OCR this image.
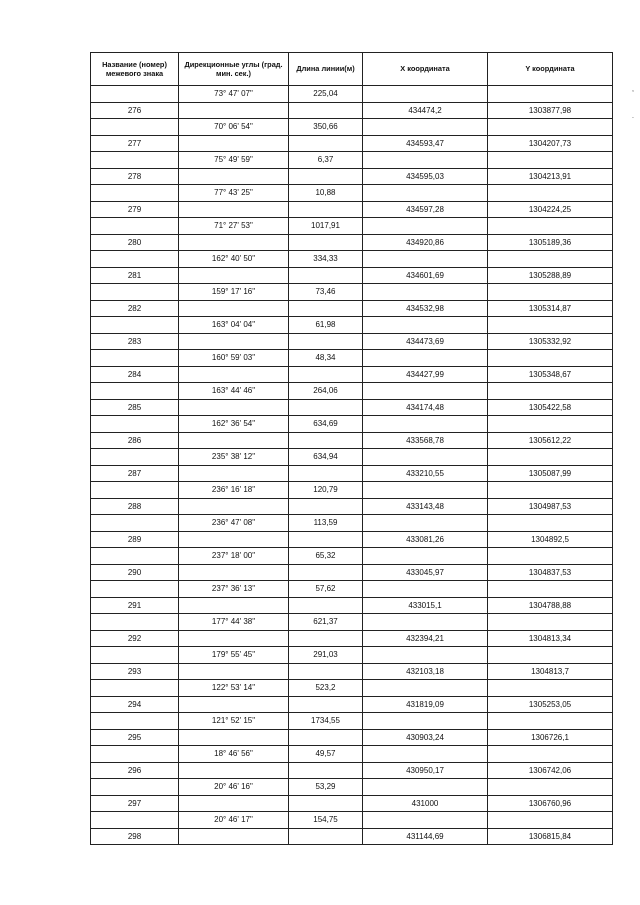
Название (номер) межевого знака	Дирекционные углы (град. мин. сек.)	Длина линии(м)	X координата	Y координата
	73° 47' 07"	225,04		
276			434474,2	1303877,98
	70° 06' 54"	350,66		
277			434593,47	1304207,73
	75° 49' 59"	6,37		
278			434595,03	1304213,91
	77° 43' 25"	10,88		
279			434597,28	1304224,25
	71° 27' 53"	1017,91		
280			434920,86	1305189,36
	162° 40' 50"	334,33		
281			434601,69	1305288,89
	159° 17' 16"	73,46		
282			434532,98	1305314,87
	163° 04' 04"	61,98		
283			434473,69	1305332,92
	160° 59' 03"	48,34		
284			434427,99	1305348,67
	163° 44' 46"	264,06		
285			434174,48	1305422,58
	162° 36' 54"	634,69		
286			433568,78	1305612,22
	235° 38' 12"	634,94		
287			433210,55	1305087,99
	236° 16' 18"	120,79		
288			433143,48	1304987,53
	236° 47' 08"	113,59		
289			433081,26	1304892,5
	237° 18' 00"	65,32		
290			433045,97	1304837,53
	237° 36' 13"	57,62		
291			433015,1	1304788,88
	177° 44' 38"	621,37		
292			432394,21	1304813,34
	179° 55' 45"	291,03		
293			432103,18	1304813,7
	122° 53' 14"	523,2		
294			431819,09	1305253,05
	121° 52' 15"	1734,55		
295			430903,24	1306726,1
	18° 46' 56"	49,57		
296			430950,17	1306742,06
	20° 46' 16"	53,29		
297			431000	1306760,96
	20° 46' 17"	154,75		
298			431144,69	1306815,84
,
.
